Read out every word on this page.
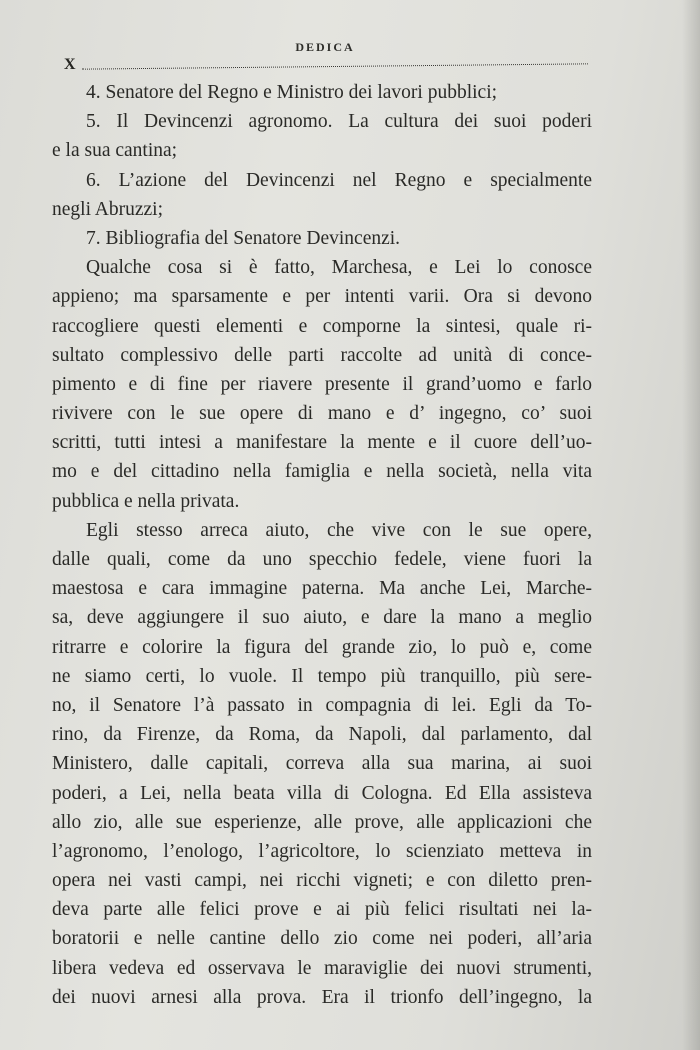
DEDICA
X
4. Senatore del Regno e Ministro dei lavori pubblici;
5. Il Devincenzi agronomo. La cultura dei suoi poderi
e la sua cantina;
6. L’azione del Devincenzi nel Regno e specialmente
negli Abruzzi;
7. Bibliografia del Senatore Devincenzi.
Qualche cosa si è fatto, Marchesa, e Lei lo conosce
appieno; ma sparsamente e per intenti varii. Ora si devono
raccogliere questi elementi e comporne la sintesi, quale ri-
sultato complessivo delle parti raccolte ad unità di conce-
pimento e di fine per riavere presente il grand’uomo e farlo
rivivere con le sue opere di mano e d’ ingegno, co’ suoi
scritti, tutti intesi a manifestare la mente e il cuore dell’uo-
mo e del cittadino nella famiglia e nella società, nella vita
pubblica e nella privata.
Egli stesso arreca aiuto, che vive con le sue opere,
dalle quali, come da uno specchio fedele, viene fuori la
maestosa e cara immagine paterna. Ma anche Lei, Marche-
sa, deve aggiungere il suo aiuto, e dare la mano a meglio
ritrarre e colorire la figura del grande zio, lo può e, come
ne siamo certi, lo vuole. Il tempo più tranquillo, più sere-
no, il Senatore l’à passato in compagnia di lei. Egli da To-
rino, da Firenze, da Roma, da Napoli, dal parlamento, dal
Ministero, dalle capitali, correva alla sua marina, ai suoi
poderi, a Lei, nella beata villa di Cologna. Ed Ella assisteva
allo zio, alle sue esperienze, alle prove, alle applicazioni che
l’agronomo, l’enologo, l’agricoltore, lo scienziato metteva in
opera nei vasti campi, nei ricchi vigneti; e con diletto pren-
deva parte alle felici prove e ai più felici risultati nei la-
boratorii e nelle cantine dello zio come nei poderi, all’aria
libera vedeva ed osservava le maraviglie dei nuovi strumenti,
dei nuovi arnesi alla prova. Era il trionfo dell’ingegno, la
